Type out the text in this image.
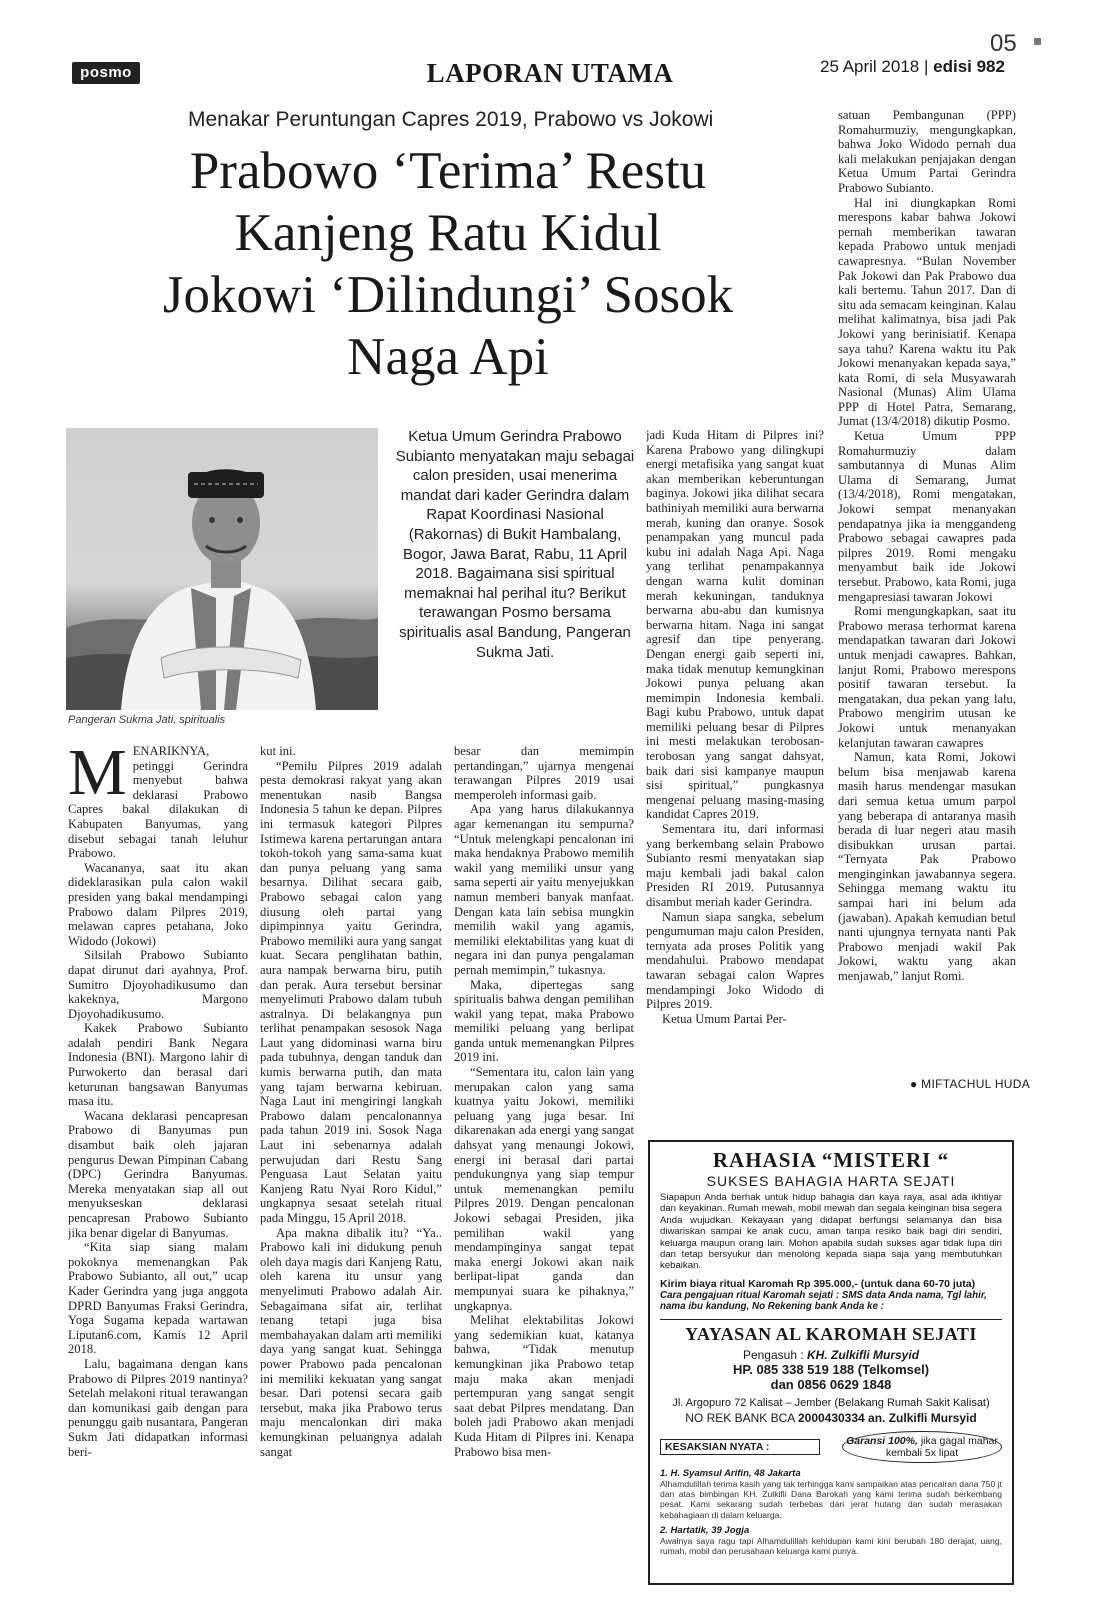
posmo	LAPORAN UTAMA
05
25 April 2018 | edisi 982
Menakar Peruntungan Capres 2019, Prabowo vs Jokowi
Prabowo ‘Terima’ Restu
Kanjeng Ratu Kidul
Jokowi ‘Dilindungi’ Sosok
Naga Api
Pangeran Sukma Jati, spiritualis
Ketua Umum Gerindra Prabowo Subianto menyatakan maju sebagai calon presiden, usai menerima mandat dari kader Gerindra dalam Rapat Koordinasi Nasional (Rakornas) di Bukit Hambalang, Bogor, Jawa Barat, Rabu, 11 April 2018. Bagaimana sisi spiritual memaknai hal perihal itu? Berikut terawangan Posmo bersama spiritualis asal Bandung, Pangeran Sukma Jati.

MENARIKNYA, petinggi Gerindra menyebut bahwa deklarasi Prabowo Capres bakal dilakukan di Kabupaten Banyumas, yang disebut sebagai tanah leluhur Prabowo.

Wacananya, saat itu akan dideklarasikan pula calon wakil presiden yang bakal mendampingi Prabowo dalam Pilpres 2019, melawan capres petahana, Joko Widodo (Jokowi)

Silsilah Prabowo Subianto dapat dirunut dari ayahnya, Prof. Sumitro Djoyohadikusumo dan kakeknya, Margono Djoyohadikusumo.

Kakek Prabowo Subianto adalah pendiri Bank Negara Indonesia (BNI). Margono lahir di Purwokerto dan berasal dari keturunan bangsawan Banyumas masa itu.

Wacana deklarasi pencapresan Prabowo di Banyumas pun disambut baik oleh jajaran pengurus Dewan Pimpinan Cabang (DPC) Gerindra Banyumas. Mereka menyatakan siap all out menyukseskan deklarasi pencapresan Prabowo Subianto jika benar digelar di Banyumas.

“Kita siap siang malam pokoknya memenangkan Pak Prabowo Subianto, all out,” ucap Kader Gerindra yang juga anggota DPRD Banyumas Fraksi Gerindra, Yoga Sugama kepada wartawan Liputan6.com, Kamis 12 April 2018.

Lalu, bagaimana dengan kans Prabowo di Pilpres 2019 nantinya? Setelah melakoni ritual terawangan dan komunikasi gaib dengan para penunggu gaib nusantara, Pangeran Sukm Jati didapatkan informasi beri-

kut ini.

“Pemilu Pilpres 2019 adalah pesta demokrasi rakyat yang akan menentukan nasib Bangsa Indonesia 5 tahun ke depan. Pilpres ini termasuk kategori Pilpres Istimewa karena pertarungan antara tokoh-tokoh yang sama-sama kuat dan punya peluang yang sama besarnya. Dilihat secara gaib, Prabowo sebagai calon yang diusung oleh partai yang dipimpinnya yaitu Gerindra, Prabowo memiliki aura yang sangat kuat. Secara penglihatan bathin, aura nampak berwarna biru, putih dan perak. Aura tersebut bersinar menyelimuti Prabowo dalam tubuh astralnya. Di belakangnya pun terlihat penampakan sesosok Naga Laut yang didominasi warna biru pada tubuhnya, dengan tanduk dan kumis berwarna putih, dan mata yang tajam berwarna kebiruan. Naga Laut ini mengiringi langkah Prabowo dalam pencalonannya pada tahun 2019 ini. Sosok Naga Laut ini sebenarnya adalah perwujudan dari Restu Sang Penguasa Laut Selatan yaitu Kanjeng Ratu Nyai Roro Kidul,” ungkapnya sesaat setelah ritual pada Minggu, 15 April 2018.

Apa makna dibalik itu? “Ya.. Prabowo kali ini didukung penuh oleh daya magis dari Kanjeng Ratu, oleh karena itu unsur yang menyelimuti Prabowo adalah Air. Sebagaimana sifat air, terlihat tenang tetapi juga bisa membahayakan dalam arti memiliki daya yang sangat kuat. Sehingga power Prabowo pada pencalonan ini memiliki kekuatan yang sangat besar. Dari potensi secara gaib tersebut, maka jika Prabowo terus maju mencalonkan diri maka kemungkinan peluangnya adalah sangat

besar dan memimpin pertandingan,” ujarnya mengenai terawangan Pilpres 2019 usai memperoleh informasi gaib.

Apa yang harus dilakukannya agar kemenangan itu sempurna? “Untuk melengkapi pencalonan ini maka hendaknya Prabowo memilih wakil yang memiliki unsur yang sama seperti air yaitu menyejukkan namun memberi banyak manfaat. Dengan kata lain sebisa mungkin memilih wakil yang agamis, memiliki elektabilitas yang kuat di negara ini dan punya pengalaman pernah memimpin,” tukasnya.

Maka, dipertegas sang spiritualis bahwa dengan pemilihan wakil yang tepat, maka Prabowo memiliki peluang yang berlipat ganda untuk memenangkan Pilpres 2019 ini.

“Sementara itu, calon lain yang merupakan calon yang sama kuatnya yaitu Jokowi, memiliki peluang yang juga besar. Ini dikarenakan ada energi yang sangat dahsyat yang menaungi Jokowi, energi ini berasal dari partai pendukungnya yang siap tempur untuk memenangkan pemilu Pilpres 2019. Dengan pencalonan Jokowi sebagai Presiden, jika pemilihan wakil yang mendampinginya sangat tepat maka energi Jokowi akan naik berlipat-lipat ganda dan mempunyai suara ke pihaknya,” ungkapnya.

Melihat elektabilitas Jokowi yang sedemikian kuat, katanya bahwa, “Tidak menutup kemungkinan jika Prabowo tetap maju maka akan menjadi pertempuran yang sangat sengit saat debat Pilpres mendatang. Dan boleh jadi Prabowo akan menjadi Kuda Hitam di Pilpres ini. Kenapa Prabowo bisa men-

jadi Kuda Hitam di Pilpres ini? Karena Prabowo yang dilingkupi energi metafisika yang sangat kuat akan memberikan keberuntungan baginya. Jokowi jika dilihat secara bathiniyah memiliki aura berwarna merah, kuning dan oranye. Sosok penampakan yang muncul pada kubu ini adalah Naga Api. Naga yang terlihat penampakannya dengan warna kulit dominan merah kekuningan, tanduknya berwarna abu-abu dan kumisnya berwarna hitam. Naga ini sangat agresif dan tipe penyerang. Dengan energi gaib seperti ini, maka tidak menutup kemungkinan Jokowi punya peluang akan memimpin Indonesia kembali. Bagi kubu Prabowo, untuk dapat memiliki peluang besar di Pilpres ini mesti melakukan terobosan-terobosan yang sangat dahsyat, baik dari sisi kampanye maupun sisi spiritual,” pungkasnya mengenai peluang masing-masing kandidat Capres 2019.

Sementara itu, dari informasi yang berkembang selain Prabowo Subianto resmi menyatakan siap maju kembali jadi bakal calon Presiden RI 2019. Putusannya disambut meriah kader Gerindra.

Namun siapa sangka, sebelum pengumuman maju calon Presiden, ternyata ada proses Politik yang mendahului. Prabowo mendapat tawaran sebagai calon Wapres mendampingi Joko Widodo di Pilpres 2019.

Ketua Umum Partai Per-

satuan Pembangunan (PPP) Romahurmuziy, mengungkapkan, bahwa Joko Widodo pernah dua kali melakukan penjajakan dengan Ketua Umum Partai Gerindra Prabowo Subianto.

Hal ini diungkapkan Romi merespons kabar bahwa Jokowi pernah memberikan tawaran kepada Prabowo untuk menjadi cawapresnya. “Bulan November Pak Jokowi dan Pak Prabowo dua kali bertemu. Tahun 2017. Dan di situ ada semacam keinginan. Kalau melihat kalimatnya, bisa jadi Pak Jokowi yang berinisiatif. Kenapa saya tahu? Karena waktu itu Pak Jokowi menanyakan kepada saya,” kata Romi, di sela Musyawarah Nasional (Munas) Alim Ulama PPP di Hotel Patra, Semarang, Jumat (13/4/2018) dikutip Posmo.

Ketua Umum PPP Romahurmuziy dalam sambutannya di Munas Alim Ulama di Semarang, Jumat (13/4/2018), Romi mengatakan, Jokowi sempat menanyakan pendapatnya jika ia menggandeng Prabowo sebagai cawapres pada pilpres 2019. Romi mengaku menyambut baik ide Jokowi tersebut. Prabowo, kata Romi, juga mengapresiasi tawaran Jokowi

Romi mengungkapkan, saat itu Prabowo merasa terhormat karena mendapatkan tawaran dari Jokowi untuk menjadi cawapres. Bahkan, lanjut Romi, Prabowo merespons positif tawaran tersebut. Ia mengatakan, dua pekan yang lalu, Prabowo mengirim utusan ke Jokowi untuk menanyakan kelanjutan tawaran cawapres

Namun, kata Romi, Jokowi belum bisa menjawab karena masih harus mendengar masukan dari semua ketua umum parpol yang beberapa di antaranya masih berada di luar negeri atau masih disibukkan urusan partai. “Ternyata Pak Prabowo menginginkan jawabannya segera. Sehingga memang waktu itu sampai hari ini belum ada (jawaban). Apakah kemudian betul nanti ujungnya ternyata nanti Pak Prabowo menjadi wakil Pak Jokowi, waktu yang akan menjawab,” lanjut Romi.

● MIFTACHUL HUDA
RAHASIA “MISTERI “
SUKSES BAHAGIA HARTA SEJATI
Siapapun Anda berhak untuk hidup bahagia dan kaya raya, asal ada ikhtiyar dan keyakinan. Rumah mewah, mobil mewah dan segala keinginan bisa segera Anda wujudkan. Kekayaan yang didapat berfungsi selamanya dan bisa diwariskan sampai ke anak cucu, aman tanpa resiko baik bagi diri sendiri, keluarga maupun orang lain. Mohon apabila sudah sukses agar tidak lupa diri dan tetap bersyukur dan menolong kepada siapa saja yang membutuhkan kebaikan.
Kirim biaya ritual Karomah Rp 395.000,- (untuk dana 60-70 juta)
Cara pengajuan ritual Karomah sejati : SMS data Anda nama, Tgl lahir, nama ibu kandung, No Rekening bank Anda ke :
YAYASAN AL KAROMAH SEJATI
Pengasuh : KH. Zulkifli Mursyid
HP. 085 338 519 188 (Telkomsel)
dan 0856 0629 1848
Jl. Argopuro 72 Kalisat – Jember (Belakang Rumah Sakit Kalisat)
NO REK BANK BCA 2000430334 an. Zulkifli Mursyid
KESAKSIAN NYATA :	Garansi 100%, jika gagal mahar kembali 5x lipat
1. H. Syamsul Arifin, 48 Jakarta
Alhamdulillah terima kasih yang tak terhingga kami sampaikan atas pencairan dana 750 jt dan atas bimbingan KH. Zulkifli Dana Barokah yang kami terima sudah berkembang pesat. Kami sekarang sudah terbebas dari jerat hutang dan sudah merasakan kebahagiaan di dalam keluarga.
2. Hartatik, 39 Jogja
Awalnya saya ragu tapi Alhamdulillah kehidupan kami kini berubah 180 derajat, uang, rumah, mobil dan perusahaan keluarga kami punya.
